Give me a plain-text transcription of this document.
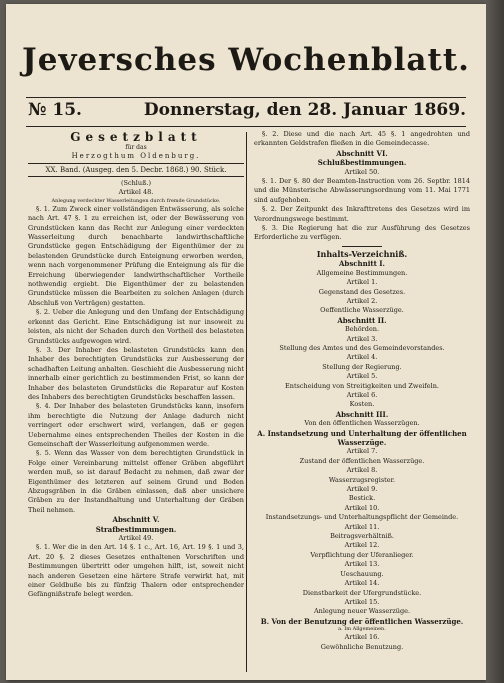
Jeversches Wochenblatt.
№ 15.	Donnerstag, den 28. Januar 1869.
Gesetzblatt
für das
Herzogthum Oldenburg.
XX. Band. (Ausgeg. den 5. Decbr. 1868.) 90. Stück.
(Schluß.)
Artikel 48.
Anlegung verdeckter Wasserleitungen durch fremde Grundstücke.

§. 1. Zum Zweck einer vollständigen Entwässerung, als solche nach Art. 47 §. 1 zu erreichen ist, oder der Bewässerung von Grundstücken kann das Recht zur Anlegung einer verdeckten Wasserleitung durch benachbarte landwirthschaftliche Grundstücke gegen Entschädigung der Eigenthümer der zu belastenden Grundstücke durch Enteignung erworben werden, wenn nach vorgenommener Prüfung die Enteignung als für die Erreichung überwiegender landwirthschaftlicher Vortheile nothwendig ergiebt. Die Eigenthümer der zu belastenden Grundstücke müssen die Bearbeiten zu solchen Anlagen (durch Abschluß von Verträgen) gestatten.

§. 2. Ueber die Anlegung und den Umfang der Entschädigung erkennt das Gericht. Eine Entschädigung ist nur insoweit zu leisten, als nicht der Schaden durch den Vortheil des belasteten Grundstücks aufgewogen wird.

§. 3. Der Inhaber des belasteten Grundstücks kann den Inhaber des berechtigten Grundstücks zur Ausbesserung der schadhaften Leitung anhalten. Geschieht die Ausbesserung nicht innerhalb einer gerichtlich zu bestimmenden Frist, so kann der Inhaber des belasteten Grundstücks die Reparatur auf Kosten des Inhabers des berechtigten Grundstücks beschaffen lassen.

§. 4. Der Inhaber des belasteten Grundstücks kann, insofern ihm berechtigte die Nutzung der Anlage dadurch nicht verringert oder erschwert wird, verlangen, daß er gegen Uebernahme eines entsprechenden Theiles der Kosten in die Gemeinschaft der Wasserleitung aufgenommen werde.

§. 5. Wenn das Wasser von dem berechtigten Grundstück in Folge einer Vereinbarung mittelst offener Gräben abgeführt werden muß, so ist darauf Bedacht zu nehmen, daß zwar der Eigenthümer des letzteren auf seinem Grund und Boden Abzugsgräben in die Gräben einlassen, daß aber unsichere Gräben zu der Instandhaltung und Unterhaltung der Gräben Theil nehmen.

Abschnitt V.
Strafbestimmungen.
Artikel 49.

§. 1. Wer die in den Art. 14 §. 1 c., Art. 16, Art. 19 §. 1 und 3, Art. 20 §. 2 dieses Gesetzes enthaltenen Vorschriften und Bestimmungen übertritt oder umgehen hilft, ist, soweit nicht nach anderen Gesetzen eine härtere Strafe verwirkt hat, mit einer Geldbuße bis zu fünfzig Thalern oder entsprechender Gefängnißstrafe belegt werden.

§. 2. Diese und die nach Art. 45 §. 1 angedrohten und erkannten Geldstrafen fließen in die Gemeindecasse.

Abschnitt VI.
Schlußbestimmungen.
Artikel 50.

§. 1. Der §. 80 der Beamten-Instruction vom 26. Septbr. 1814 und die Münsterische Abwässerungsordnung vom 11. Mai 1771 sind aufgehoben.

§. 2. Der Zeitpunkt des Inkrafttretens des Gesetzes wird im Verordnungswege bestimmt.

§. 3. Die Regierung hat die zur Ausführung des Gesetzes Erforderliche zu verfügen.

Inhalts-Verzeichniß.
Abschnitt I.
Allgemeine Bestimmungen.
Artikel 1.
Gegenstand des Gesetzes.
Artikel 2.
Oeffentliche Wasserzüge.
Abschnitt II.
Behörden.
Artikel 3.
Stellung des Amtes und des Gemeindevorstandes.
Artikel 4.
Stellung der Regierung.
Artikel 5.
Entscheidung von Streitigkeiten und Zweifeln.
Artikel 6.
Kosten.
Abschnitt III.
Von den öffentlichen Wasserzügen.
A. Instandsetzung und Unterhaltung der öffentlichen Wasserzüge.
Artikel 7.
Zustand der öffentlichen Wasserzüge.
Artikel 8.
Wasserzugsregister.
Artikel 9.
Bestick.
Artikel 10.
Instandsetzungs- und Unterhaltungspflicht der Gemeinde.
Artikel 11.
Beitragsverhältniß.
Artikel 12.
Verpflichtung der Uferanlieger.
Artikel 13.
Ueschauung.
Artikel 14.
Dienstbarkeit der Ufergrundstücke.
Artikel 15.
Anlegung neuer Wasserzüge.
B. Von der Benutzung der öffentlichen Wasserzüge.
a. Im Allgemeinen.
Artikel 16.
Gewöhnliche Benutzung.
